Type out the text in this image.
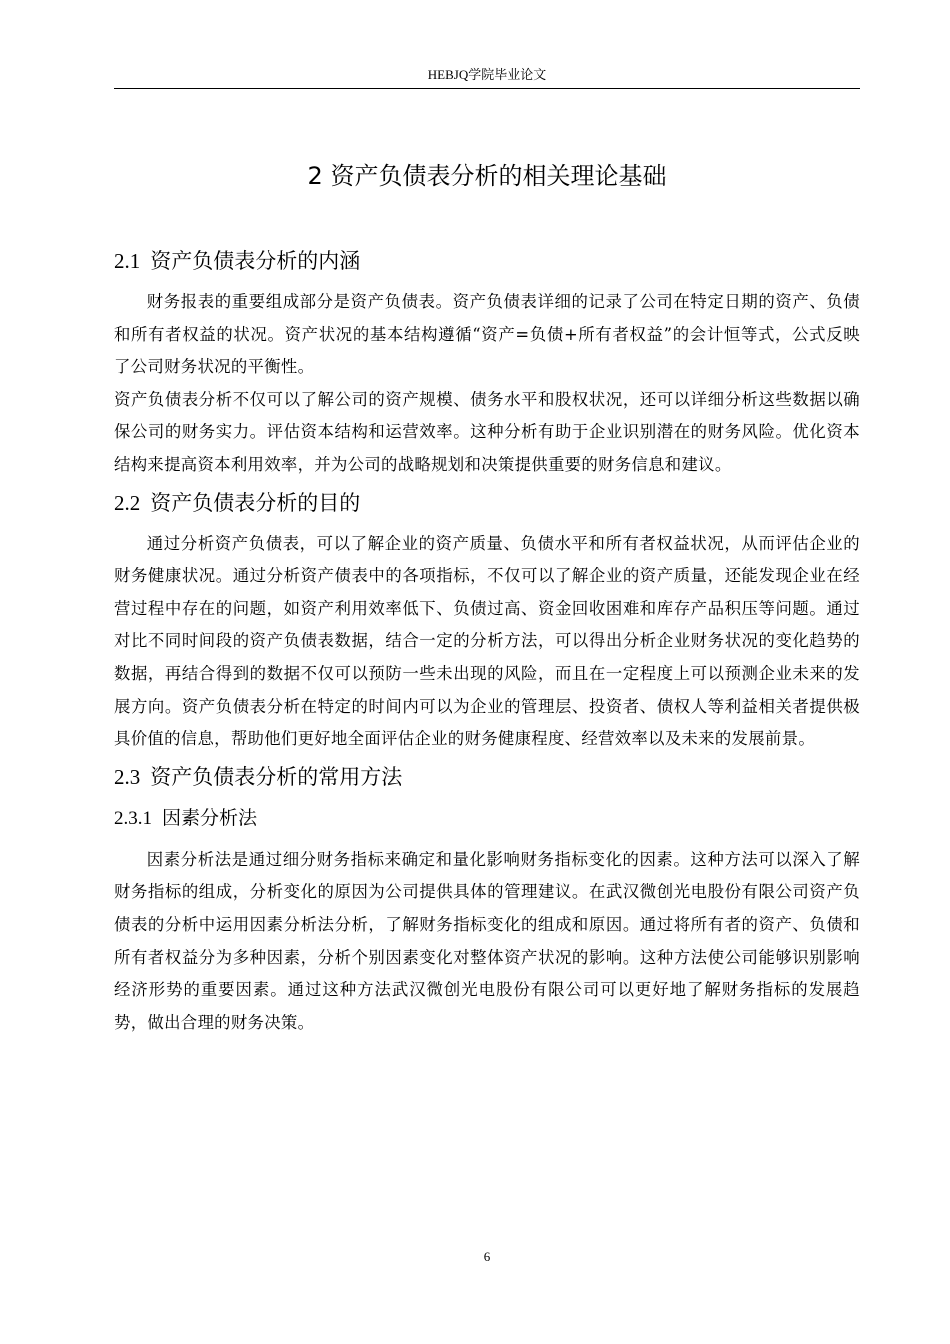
HEBJQ学院毕业论文
2 资产负债表分析的相关理论基础
2.1 资产负债表分析的内涵

财务报表的重要组成部分是资产负债表。资产负债表详细的记录了公司在特定日期的资产、负债和所有者权益的状况。资产状况的基本结构遵循“资产=负债+所有者权益”的会计恒等式，公式反映了公司财务状况的平衡性。

资产负债表分析不仅可以了解公司的资产规模、债务水平和股权状况，还可以详细分析这些数据以确保公司的财务实力。评估资本结构和运营效率。这种分析有助于企业识别潜在的财务风险。优化资本结构来提高资本利用效率，并为公司的战略规划和决策提供重要的财务信息和建议。

2.2 资产负债表分析的目的

通过分析资产负债表，可以了解企业的资产质量、负债水平和所有者权益状况，从而评估企业的财务健康状况。通过分析资产债表中的各项指标，不仅可以了解企业的资产质量，还能发现企业在经营过程中存在的问题，如资产利用效率低下、负债过高、资金回收困难和库存产品积压等问题。通过对比不同时间段的资产负债表数据，结合一定的分析方法，可以得出分析企业财务状况的变化趋势的数据，再结合得到的数据不仅可以预防一些未出现的风险，而且在一定程度上可以预测企业未来的发展方向。资产负债表分析在特定的时间内可以为企业的管理层、投资者、债权人等利益相关者提供极具价值的信息，帮助他们更好地全面评估企业的财务健康程度、经营效率以及未来的发展前景。

2.3 资产负债表分析的常用方法
2.3.1 因素分析法

因素分析法是通过细分财务指标来确定和量化影响财务指标变化的因素。这种方法可以深入了解财务指标的组成，分析变化的原因为公司提供具体的管理建议。在武汉微创光电股份有限公司资产负债表的分析中运用因素分析法分析，了解财务指标变化的组成和原因。通过将所有者的资产、负债和所有者权益分为多种因素，分析个别因素变化对整体资产状况的影响。这种方法使公司能够识别影响经济形势的重要因素。通过这种方法武汉微创光电股份有限公司可以更好地了解财务指标的发展趋势，做出合理的财务决策。

6
